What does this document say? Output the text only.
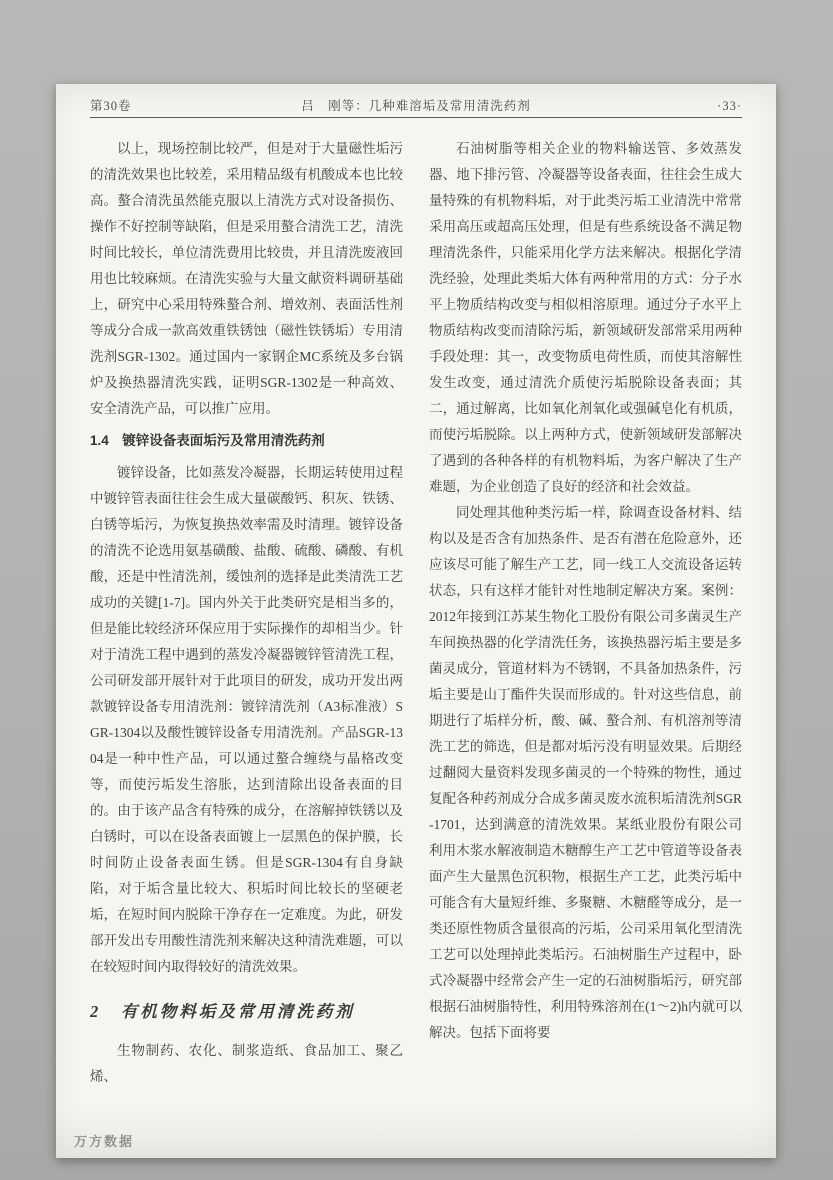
第30卷	吕　刚等：几种难溶垢及常用清洗药剂	·33·

以上，现场控制比较严，但是对于大量磁性垢污的清洗效果也比较差，采用精品级有机酸成本也比较高。螯合清洗虽然能克服以上清洗方式对设备损伤、操作不好控制等缺陷，但是采用螯合清洗工艺，清洗时间比较长，单位清洗费用比较贵，并且清洗废液回用也比较麻烦。在清洗实验与大量文献资料调研基础上，研究中心采用特殊螯合剂、增效剂、表面活性剂等成分合成一款高效重铁锈蚀（磁性铁锈垢）专用清洗剂SGR-1302。通过国内一家钢企MC系统及多台锅炉及换热器清洗实践，证明SGR-1302是一种高效、安全清洗产品，可以推广应用。

1.4　镀锌设备表面垢污及常用清洗药剂

镀锌设备，比如蒸发冷凝器，长期运转使用过程中镀锌管表面往往会生成大量碳酸钙、积灰、铁锈、白锈等垢污，为恢复换热效率需及时清理。镀锌设备的清洗不论选用氨基磺酸、盐酸、硫酸、磷酸、有机酸，还是中性清洗剂，缓蚀剂的选择是此类清洗工艺成功的关键[1-7]。国内外关于此类研究是相当多的，但是能比较经济环保应用于实际操作的却相当少。针对于清洗工程中遇到的蒸发冷凝器镀锌管清洗工程，公司研发部开展针对于此项目的研发，成功开发出两款镀锌设备专用清洗剂：镀锌清洗剂（A3标准液）SGR-1304以及酸性镀锌设备专用清洗剂。产品SGR-1304是一种中性产品，可以通过螯合缠绕与晶格改变等，而使污垢发生溶胀，达到清除出设备表面的目的。由于该产品含有特殊的成分，在溶解掉铁锈以及白锈时，可以在设备表面镀上一层黑色的保护膜，长时间防止设备表面生锈。但是SGR-1304有自身缺陷，对于垢含量比较大、积垢时间比较长的坚硬老垢，在短时间内脱除干净存在一定难度。为此，研发部开发出专用酸性清洗剂来解决这种清洗难题，可以在较短时间内取得较好的清洗效果。

2　有机物料垢及常用清洗药剂

生物制药、农化、制浆造纸、食品加工、聚乙烯、

石油树脂等相关企业的物料输送管、多效蒸发器、地下排污管、冷凝器等设备表面，往往会生成大量特殊的有机物料垢，对于此类污垢工业清洗中常常采用高压或超高压处理，但是有些系统设备不满足物理清洗条件，只能采用化学方法来解决。根据化学清洗经验，处理此类垢大体有两种常用的方式：分子水平上物质结构改变与相似相溶原理。通过分子水平上物质结构改变而清除污垢，新领域研发部常采用两种手段处理：其一，改变物质电荷性质，而使其溶解性发生改变，通过清洗介质使污垢脱除设备表面；其二，通过解离，比如氧化剂氧化或强碱皂化有机质，而使污垢脱除。以上两种方式，使新领域研发部解决了遇到的各种各样的有机物料垢，为客户解决了生产难题，为企业创造了良好的经济和社会效益。

同处理其他种类污垢一样，除调查设备材料、结构以及是否含有加热条件、是否有潜在危险意外，还应该尽可能了解生产工艺，同一线工人交流设备运转状态，只有这样才能针对性地制定解决方案。案例：2012年接到江苏某生物化工股份有限公司多菌灵生产车间换热器的化学清洗任务，该换热器污垢主要是多菌灵成分，管道材料为不锈钢，不具备加热条件，污垢主要是山丁酯件失误而形成的。针对这些信息，前期进行了垢样分析，酸、碱、螯合剂、有机溶剂等清洗工艺的筛选，但是都对垢污没有明显效果。后期经过翻阅大量资料发现多菌灵的一个特殊的物性，通过复配各种药剂成分合成多菌灵废水流积垢清洗剂SGR-1701，达到满意的清洗效果。某纸业股份有限公司利用木浆水解液制造木糖醇生产工艺中管道等设备表面产生大量黑色沉积物，根据生产工艺，此类污垢中可能含有大量短纤维、多聚糖、木糖醛等成分，是一类还原性物质含量很高的污垢，公司采用氧化型清洗工艺可以处理掉此类垢污。石油树脂生产过程中，卧式冷凝器中经常会产生一定的石油树脂垢污，研究部根据石油树脂特性，利用特殊溶剂在(1～2)h内就可以解决。包括下面将要

万方数据
